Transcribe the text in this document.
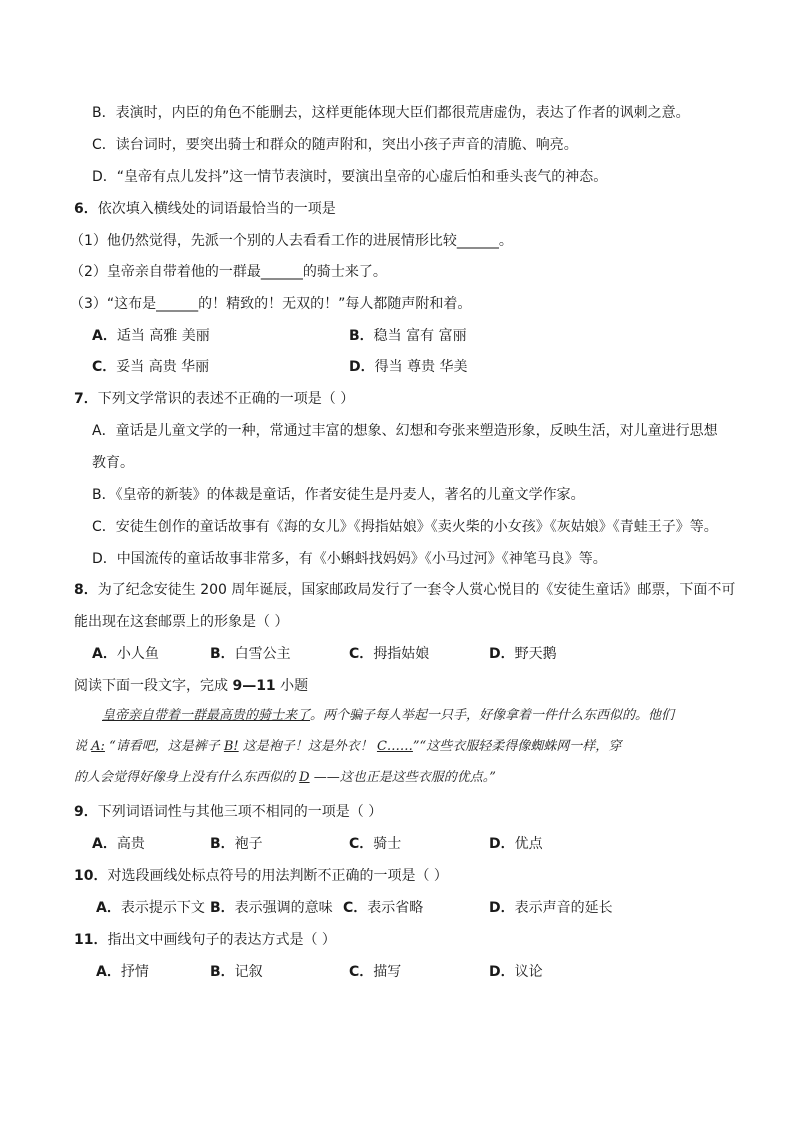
B．表演时，内臣的角色不能删去，这样更能体现大臣们都很荒唐虚伪，表达了作者的讽刺之意。
C．读台词时，要突出骑士和群众的随声附和，突出小孩子声音的清脆、响亮。
D．“皇帝有点儿发抖”这一情节表演时，要演出皇帝的心虚后怕和垂头丧气的神态。
6．依次填入横线处的词语最恰当的一项是
（1）他仍然觉得，先派一个别的人去看看工作的进展情形比较______。
（2）皇帝亲自带着他的一群最______的骑士来了。
（3）“这布是______的！精致的！无双的！”每人都随声附和着。
A．适当 高雅 美丽	B．稳当 富有 富丽
C．妥当 高贵 华丽	D．得当 尊贵 华美
7．下列文学常识的表述不正确的一项是（ ）
A．童话是儿童文学的一种，常通过丰富的想象、幻想和夸张来塑造形象，反映生活，对儿童进行思想
教育。
B．《皇帝的新装》的体裁是童话，作者安徒生是丹麦人，著名的儿童文学作家。
C．安徒生创作的童话故事有《海的女儿》《拇指姑娘》《卖火柴的小女孩》《灰姑娘》《青蛙王子》等。
D．中国流传的童话故事非常多，有《小蝌蚪找妈妈》《小马过河》《神笔马良》等。
8．为了纪念安徒生 200 周年诞辰，国家邮政局发行了一套令人赏心悦目的《安徒生童话》邮票，下面不可
能出现在这套邮票上的形象是（ ）
A．小人鱼	B．白雪公主	C．拇指姑娘	D．野天鹅
阅读下面一段文字，完成 9—11 小题
皇帝亲自带着一群最高贵的骑士来了。两个骗子每人举起一只手，好像拿着一件什么东西似的。他们
说 A: “请看吧，这是裤子 B! 这是袍子！这是外衣！ C……”“这些衣服轻柔得像蜘蛛网一样，穿
的人会觉得好像身上没有什么东西似的 D ——这也正是这些衣服的优点。”
9．下列词语词性与其他三项不相同的一项是（ ）
A．高贵	B．袍子	C．骑士	D．优点
10．对选段画线处标点符号的用法判断不正确的一项是（ ）
A．表示提示下文 B．表示强调的意味 C．表示省略	D．表示声音的延长
11．指出文中画线句子的表达方式是（ ）
A．抒情	B．记叙	C．描写	D．议论
